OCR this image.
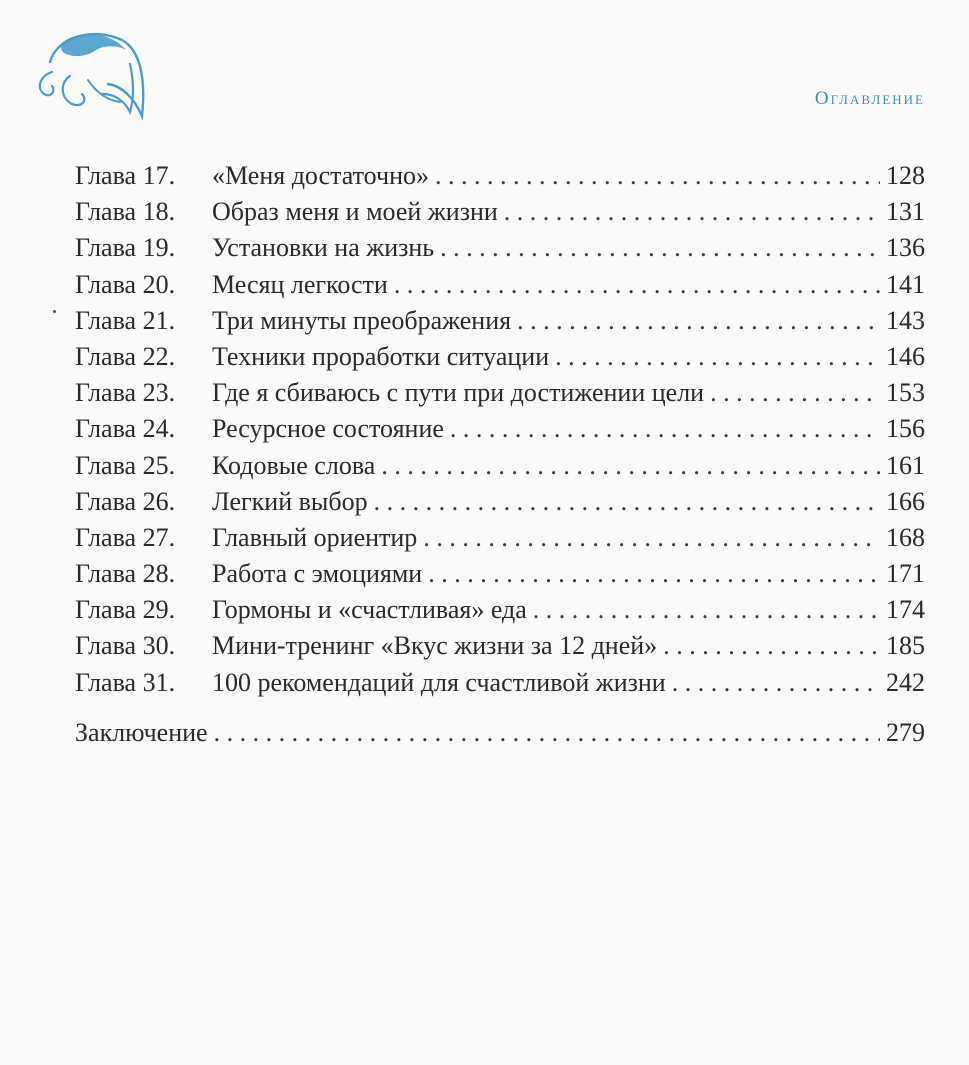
Оглавление
Глава 17.	«Меня достаточно» . . .	128
Глава 18.	Образ меня и моей жизни . . .	131
Глава 19.	Установки на жизнь . . .	136
Глава 20.	Месяц легкости . . .	141
Глава 21.	Три минуты преображения . . .	143
Глава 22.	Техники проработки ситуации . . .	146
Глава 23.	Где я сбиваюсь с пути при достижении цели . . .	153
Глава 24.	Ресурсное состояние . . .	156
Глава 25.	Кодовые слова . . .	161
Глава 26.	Легкий выбор . . .	166
Глава 27.	Главный ориентир . . .	168
Глава 28.	Работа с эмоциями . . .	171
Глава 29.	Гормоны и «счастливая» еда . . .	174
Глава 30.	Мини-тренинг «Вкус жизни за 12 дней» . . .	185
Глава 31.	100 рекомендаций для счастливой жизни . . .	242
Заключение . . .	279
